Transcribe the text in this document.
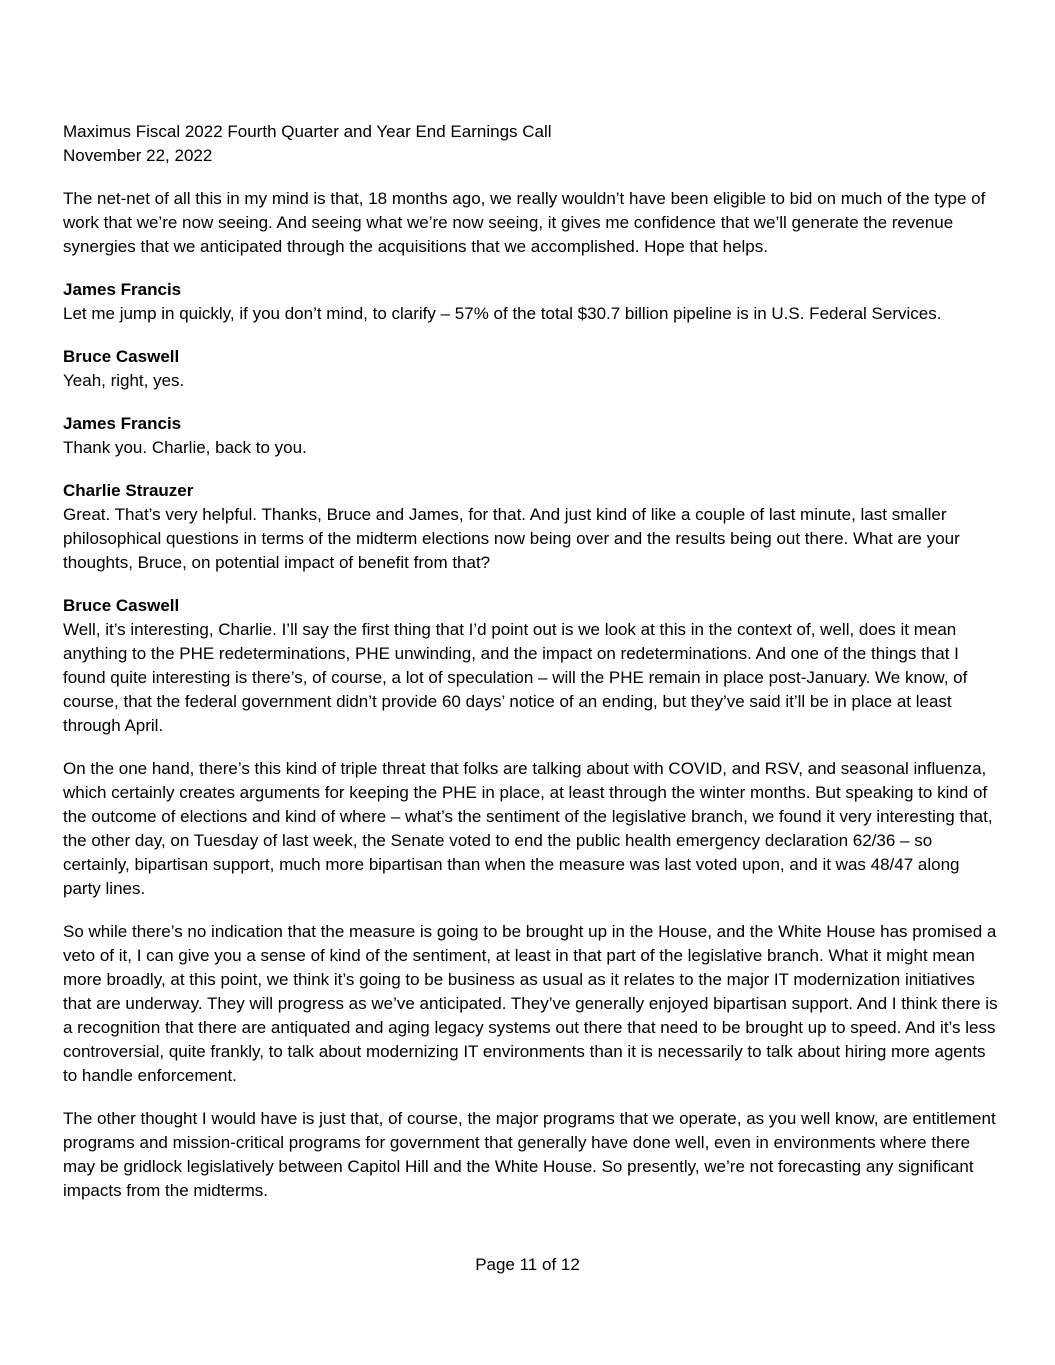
Maximus Fiscal 2022 Fourth Quarter and Year End Earnings Call
November 22, 2022
The net-net of all this in my mind is that, 18 months ago, we really wouldn’t have been eligible to bid on much of the type of work that we’re now seeing. And seeing what we’re now seeing, it gives me confidence that we’ll generate the revenue synergies that we anticipated through the acquisitions that we accomplished. Hope that helps.
James Francis
Let me jump in quickly, if you don’t mind, to clarify – 57% of the total $30.7 billion pipeline is in U.S. Federal Services.
Bruce Caswell
Yeah, right, yes.
James Francis
Thank you. Charlie, back to you.
Charlie Strauzer
Great. That’s very helpful. Thanks, Bruce and James, for that. And just kind of like a couple of last minute, last smaller philosophical questions in terms of the midterm elections now being over and the results being out there. What are your thoughts, Bruce, on potential impact of benefit from that?
Bruce Caswell
Well, it’s interesting, Charlie. I’ll say the first thing that I’d point out is we look at this in the context of, well, does it mean anything to the PHE redeterminations, PHE unwinding, and the impact on redeterminations. And one of the things that I found quite interesting is there’s, of course, a lot of speculation – will the PHE remain in place post-January. We know, of course, that the federal government didn’t provide 60 days’ notice of an ending, but they’ve said it’ll be in place at least through April.
On the one hand, there’s this kind of triple threat that folks are talking about with COVID, and RSV, and seasonal influenza, which certainly creates arguments for keeping the PHE in place, at least through the winter months. But speaking to kind of the outcome of elections and kind of where – what’s the sentiment of the legislative branch, we found it very interesting that, the other day, on Tuesday of last week, the Senate voted to end the public health emergency declaration 62/36 – so certainly, bipartisan support, much more bipartisan than when the measure was last voted upon, and it was 48/47 along party lines.
So while there’s no indication that the measure is going to be brought up in the House, and the White House has promised a veto of it, I can give you a sense of kind of the sentiment, at least in that part of the legislative branch. What it might mean more broadly, at this point, we think it’s going to be business as usual as it relates to the major IT modernization initiatives that are underway. They will progress as we’ve anticipated. They’ve generally enjoyed bipartisan support. And I think there is a recognition that there are antiquated and aging legacy systems out there that need to be brought up to speed. And it’s less controversial, quite frankly, to talk about modernizing IT environments than it is necessarily to talk about hiring more agents to handle enforcement.
The other thought I would have is just that, of course, the major programs that we operate, as you well know, are entitlement programs and mission-critical programs for government that generally have done well, even in environments where there may be gridlock legislatively between Capitol Hill and the White House. So presently, we’re not forecasting any significant impacts from the midterms.
Page 11 of 12
